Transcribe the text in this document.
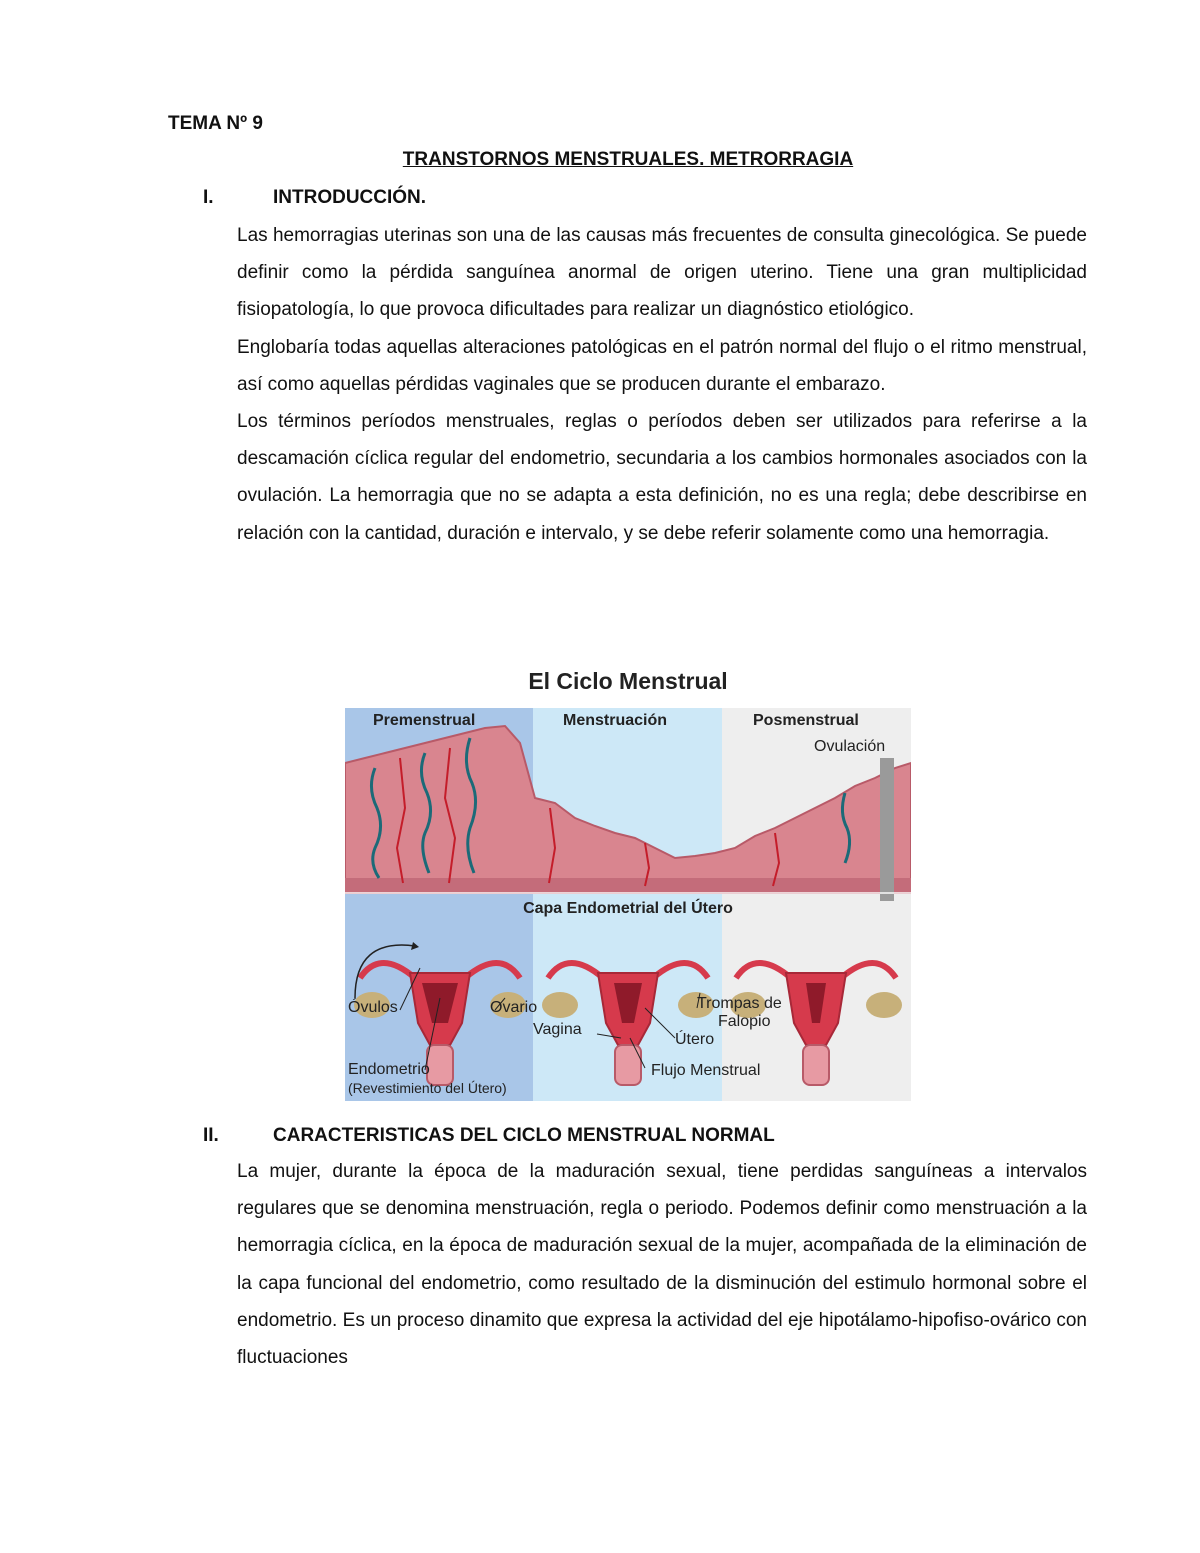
TEMA Nº 9
TRANSTORNOS MENSTRUALES. METRORRAGIA
I.	INTRODUCCIÓN.

Las hemorragias uterinas son una de las causas más frecuentes de consulta ginecológica. Se puede definir como la pérdida sanguínea anormal de origen uterino. Tiene una gran multiplicidad fisiopatología, lo que provoca dificultades para realizar un diagnóstico etiológico.

Englobaría todas aquellas alteraciones patológicas en el patrón normal del flujo o el ritmo menstrual, así como aquellas pérdidas vaginales que se producen durante el embarazo.

Los términos períodos menstruales, reglas o períodos deben ser utilizados para referirse a la descamación cíclica regular del endometrio, secundaria a los cambios hormonales asociados con la ovulación. La hemorragia que no se adapta a esta definición, no es una regla; debe describirse en relación con la cantidad, duración e intervalo, y se debe referir solamente como una hemorragia.

El Ciclo Menstrual
Premenstrual	Menstruación	Posmenstrual
Ovulación
Capa Endometrial del Útero
Óvulos	Ovario	Trompas de
Falopio
Vagina
Útero
Endometrio
(Revestimiento del Útero)
Flujo Menstrual
II.	CARACTERISTICAS DEL CICLO MENSTRUAL NORMAL

La mujer, durante la época de la maduración sexual, tiene perdidas sanguíneas a intervalos regulares que se denomina menstruación, regla o periodo. Podemos definir como menstruación a la hemorragia cíclica, en la época de maduración sexual de la mujer, acompañada de la eliminación de la capa funcional del endometrio, como resultado de la disminución del estimulo hormonal sobre el endometrio. Es un proceso dinamito que expresa la actividad del eje hipotálamo-hipofiso-ovárico con fluctuaciones
